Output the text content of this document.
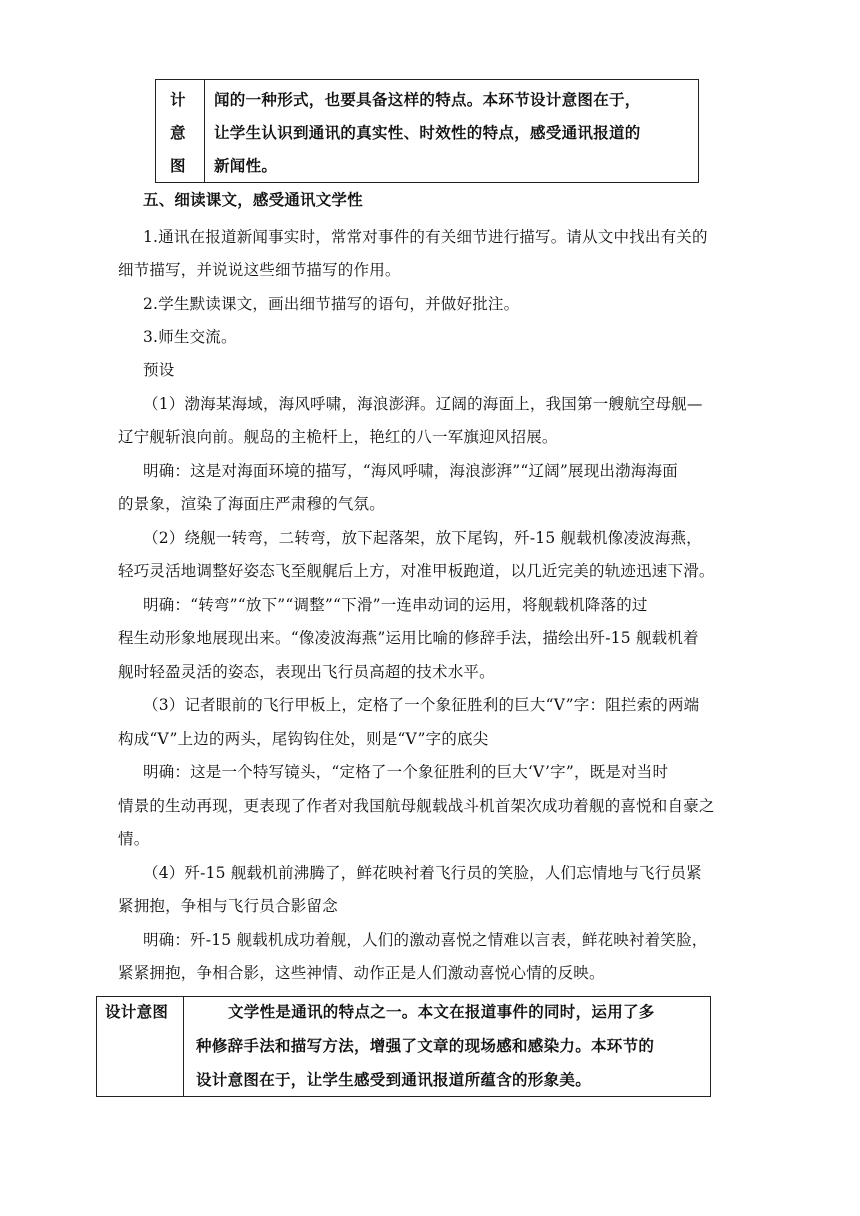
计
意
图
闻的一种形式，也要具备这样的特点。本环节设计意图在于，
让学生认识到通讯的真实性、时效性的特点，感受通讯报道的
新闻性。
五、细读课文，感受通讯文学性
1.通讯在报道新闻事实时，常常对事件的有关细节进行描写。请从文中找出有关的
细节描写，并说说这些细节描写的作用。
2.学生默读课文，画出细节描写的语句，并做好批注。
3.师生交流。
预设
（1）渤海某海域，海风呼啸，海浪澎湃。辽阔的海面上，我国第一艘航空母舰—
辽宁舰斩浪向前。舰岛的主桅杆上，艳红的八一军旗迎风招展。
明确：这是对海面环境的描写，“海风呼啸，海浪澎湃”“辽阔”展现出渤海海面
的景象，渲染了海面庄严肃穆的气氛。
（2）绕舰一转弯，二转弯，放下起落架，放下尾钩，歼-15 舰载机像凌波海燕，
轻巧灵活地调整好姿态飞至舰艉后上方，对准甲板跑道，以几近完美的轨迹迅速下滑。
明确：“转弯”“放下”“调整”“下滑”一连串动词的运用，将舰载机降落的过
程生动形象地展现出来。“像凌波海燕”运用比喻的修辞手法，描绘出歼-15 舰载机着
舰时轻盈灵活的姿态，表现出飞行员高超的技术水平。
（3）记者眼前的飞行甲板上，定格了一个象征胜利的巨大“V”字：阻拦索的两端
构成“V”上边的两头，尾钩钩住处，则是“V”字的底尖
明确：这是一个特写镜头，“定格了一个象征胜利的巨大‘V’字”，既是对当时
情景的生动再现，更表现了作者对我国航母舰载战斗机首架次成功着舰的喜悦和自豪之
情。
（4）歼-15 舰载机前沸腾了，鲜花映衬着飞行员的笑脸，人们忘情地与飞行员紧
紧拥抱，争相与飞行员合影留念
明确：歼-15 舰载机成功着舰，人们的激动喜悦之情难以言表，鲜花映衬着笑脸，
紧紧拥抱，争相合影，这些神情、动作正是人们激动喜悦心情的反映。
设计意图	文学性是通讯的特点之一。本文在报道事件的同时，运用了多
种修辞手法和描写方法，增强了文章的现场感和感染力。本环节的
设计意图在于，让学生感受到通讯报道所蕴含的形象美。
